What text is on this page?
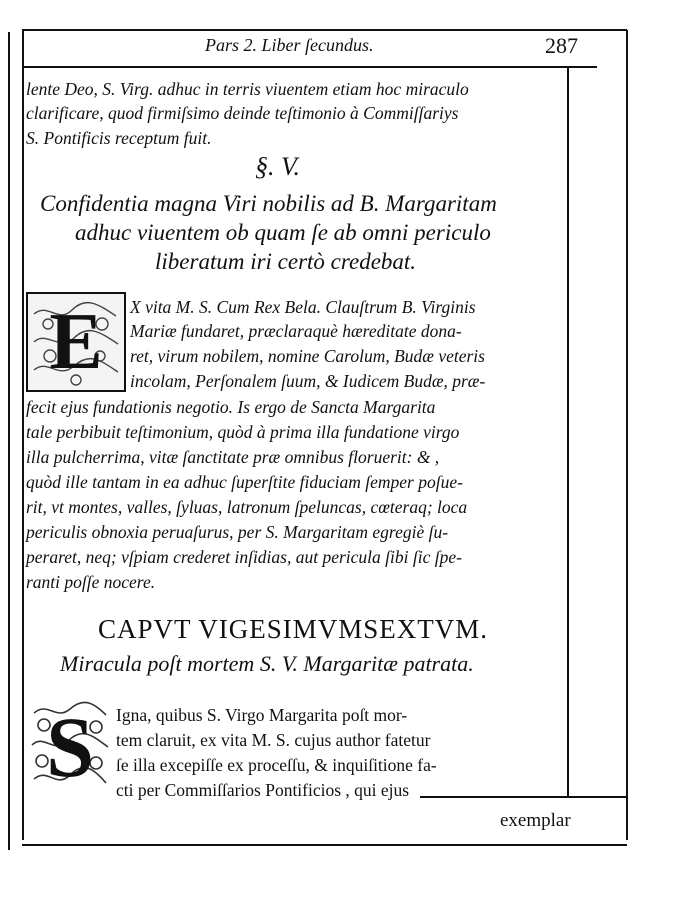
Pars 2. Liber ſecundus.	287
lente Deo, S. Virg. adhuc in terris viuentem etiam hoc miraculo
clarificare, quod firmiſsimo deinde teſtimonio à Commiſſariys
S. Pontificis receptum fuit.
§. V.
Confidentia magna Viri nobilis ad B. Margaritam
adhuc viuentem ob quam ſe ab omni periculo
liberatum iri certò credebat.
E	X vita M. S. Cum Rex Bela. Clauſtrum B. Virginis
Mariæ fundaret, præclaraquè hæreditate dona-
ret, virum nobilem, nomine Carolum, Budæ veteris
incolam, Perſonalem ſuum, & Iudicem Budæ, præ-
fecit ejus fundationis negotio. Is ergo de Sancta Margarita
tale perbibuit teſtimonium, quòd à prima illa fundatione virgo
illa pulcherrima, vitæ ſanctitate præ omnibus floruerit: & ,
quòd ille tantam in ea adhuc ſuperſtite fiduciam ſemper poſue-
rit, vt montes, valles, ſyluas, latronum ſpeluncas, cœteraq; loca
periculis obnoxia peruaſurus, per S. Margaritam egregiè ſu-
peraret, neq; vſpiam crederet inſidias, aut pericula ſibi ſic ſpe-
ranti poſſe nocere.
CAPVT VIGESIMVMSEXTVM.
Miracula poſt mortem S. V. Margaritæ patrata.
S	Igna, quibus S. Virgo Margarita poſt mor-
tem claruit, ex vita M. S. cujus author fatetur
ſe illa excepiſſe ex proceſſu, & inquiſitione fa-
cti per Commiſſarios Pontificios , qui ejus
exemplar
